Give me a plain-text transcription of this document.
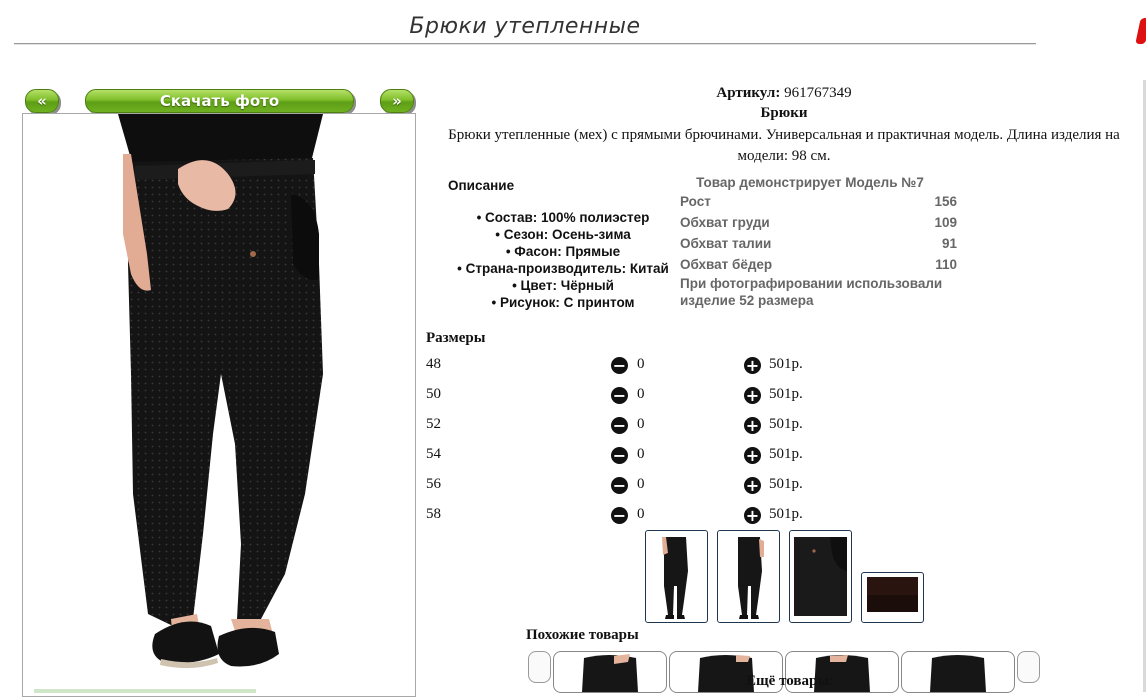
Брюки утепленные
«	Скачать фото	»	Артикул: 961767349
Брюки
Брюки утепленные (мех) с прямыми брючинами. Универсальная и практичная модель. Длина изделия на модели: 98 см.
Описание
• Состав: 100% полиэстер
• Сезон: Осень-зима
• Фасон: Прямые
• Страна-производитель: Китай
• Цвет: Чёрный
• Рисунок: С принтом
Товар демонстрирует Модель №7
Рост	156
Обхват груди	109
Обхват талии	91
Обхват бёдер	110
При фотографировании использовали изделие 52 размера
Размеры
48	− 0	+ 501р.
50	− 0	+ 501р.
52	− 0	+ 501р.
54	− 0	+ 501р.
56	− 0	+ 501р.
58	− 0	+ 501р.
Похожие товары
Ещё товары:
